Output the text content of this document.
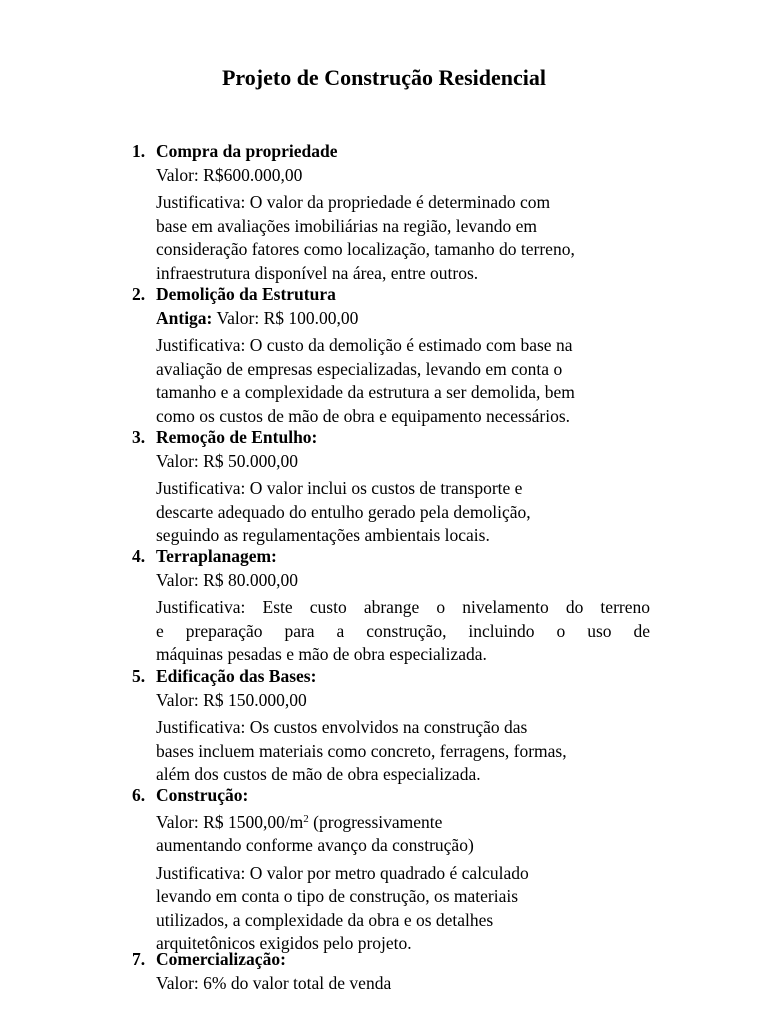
Projeto de Construção Residencial
1. Compra da propriedade
Valor: R$600.000,00
Justificativa: O valor da propriedade é determinado com
base em avaliações imobiliárias na região, levando em
consideração fatores como localização, tamanho do terreno,
infraestrutura disponível na área, entre outros.
2. Demolição da Estrutura
Antiga: Valor: R$ 100.00,00
Justificativa: O custo da demolição é estimado com base na
avaliação de empresas especializadas, levando em conta o
tamanho e a complexidade da estrutura a ser demolida, bem
como os custos de mão de obra e equipamento necessários.
3. Remoção de Entulho:
Valor: R$ 50.000,00
Justificativa: O valor inclui os custos de transporte e
descarte adequado do entulho gerado pela demolição,
seguindo as regulamentações ambientais locais.
4. Terraplanagem:
Valor: R$ 80.000,00
Justificativa: Este custo abrange o nivelamento do terreno
e preparação para a construção, incluindo o uso de
máquinas pesadas e mão de obra especializada.
5. Edificação das Bases:
Valor: R$ 150.000,00
Justificativa: Os custos envolvidos na construção das
bases incluem materiais como concreto, ferragens, formas,
além dos custos de mão de obra especializada.
6. Construção:
Valor: R$ $1500,00/m^2$ (progressivamente
aumentando conforme avanço da construção)
Justificativa: O valor por metro quadrado é calculado
levando em conta o tipo de construção, os materiais
utilizados, a complexidade da obra e os detalhes
arquitetônicos exigidos pelo projeto.
7. Comercialização:
Valor: 6% do valor total de venda
